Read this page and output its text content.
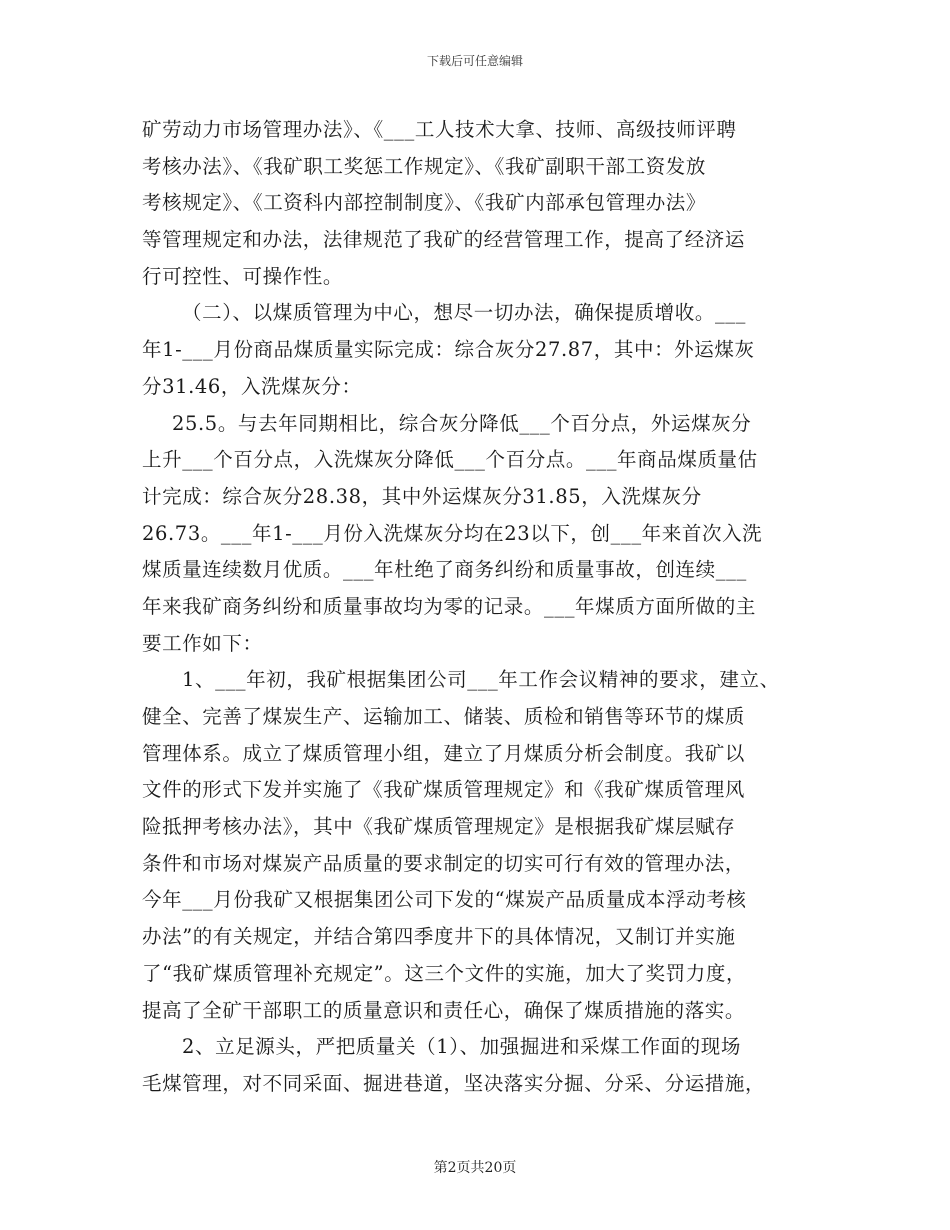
下载后可任意编辑
矿劳动力市场管理办法》、《___工人技术大拿、技师、高级技师评聘
考核办法》、《我矿职工奖惩工作规定》、《我矿副职干部工资发放
考核规定》、《工资科内部控制制度》、《我矿内部承包管理办法》
等管理规定和办法，法律规范了我矿的经营管理工作，提高了经济运
行可控性、可操作性。
（二）、以煤质管理为中心，想尽一切办法，确保提质增收。___
年1-___月份商品煤质量实际完成：综合灰分27.87，其中：外运煤灰
分31.46，入洗煤灰分：
25.5。与去年同期相比，综合灰分降低___个百分点，外运煤灰分
上升___个百分点，入洗煤灰分降低___个百分点。___年商品煤质量估
计完成：综合灰分28.38，其中外运煤灰分31.85，入洗煤灰分
26.73。___年1-___月份入洗煤灰分均在23以下，创___年来首次入洗
煤质量连续数月优质。___年杜绝了商务纠纷和质量事故，创连续___
年来我矿商务纠纷和质量事故均为零的记录。___年煤质方面所做的主
要工作如下：
1、___年初，我矿根据集团公司___年工作会议精神的要求，建立、
健全、完善了煤炭生产、运输加工、储装、质检和销售等环节的煤质
管理体系。成立了煤质管理小组，建立了月煤质分析会制度。我矿以
文件的形式下发并实施了《我矿煤质管理规定》和《我矿煤质管理风
险抵押考核办法》，其中《我矿煤质管理规定》是根据我矿煤层赋存
条件和市场对煤炭产品质量的要求制定的切实可行有效的管理办法，
今年___月份我矿又根据集团公司下发的“煤炭产品质量成本浮动考核
办法”的有关规定，并结合第四季度井下的具体情况，又制订并实施
了“我矿煤质管理补充规定”。这三个文件的实施，加大了奖罚力度，
提高了全矿干部职工的质量意识和责任心，确保了煤质措施的落实。
2、立足源头，严把质量关（1）、加强掘进和采煤工作面的现场
毛煤管理，对不同采面、掘进巷道，坚决落实分掘、分采、分运措施，
第2页共20页
